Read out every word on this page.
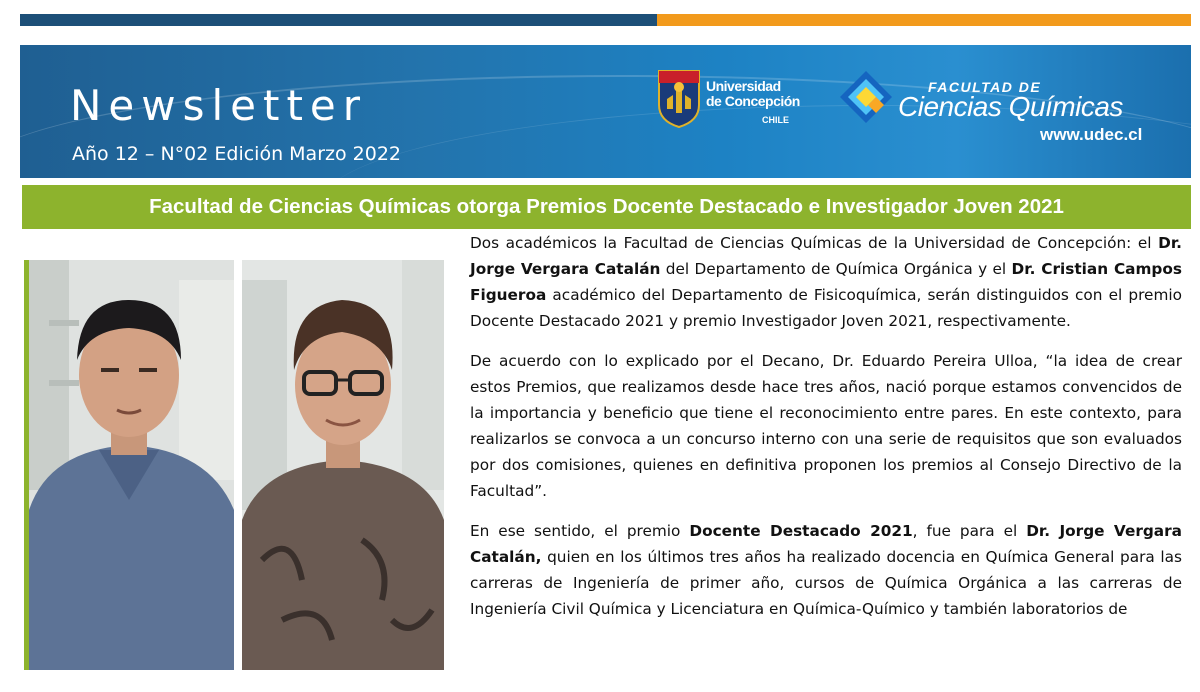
Newsletter
Año 12 – N°02 Edición Marzo 2022
Universidad
de Concepción
CHILE
FACULTAD DE
Ciencias Químicas
www.udec.cl
Facultad de Ciencias Químicas otorga Premios Docente Destacado e Investigador Joven 2021

Dos académicos la Facultad de Ciencias Químicas de la Universidad de Concepción: el Dr. Jorge Vergara Catalán del Departamento de Química Orgánica y el Dr. Cristian Campos Figueroa académico del Departamento de Fisicoquímica, serán distinguidos con el premio Docente Destacado 2021 y premio Investigador Joven 2021, respectivamente.

De acuerdo con lo explicado por el Decano, Dr. Eduardo Pereira Ulloa, “la idea de crear estos Premios, que realizamos desde hace tres años, nació porque estamos convencidos de la importancia y beneficio que tiene el reconocimiento entre pares. En este contexto, para realizarlos se convoca a un concurso interno con una serie de requisitos que son evaluados por dos comisiones, quienes en definitiva proponen los premios al Consejo Directivo de la Facultad”.

En ese sentido, el premio Docente Destacado 2021, fue para el Dr. Jorge Vergara Catalán, quien en los últimos tres años ha realizado docencia en Química General para las carreras de Ingeniería de primer año, cursos de Química Orgánica a las carreras de Ingeniería Civil Química y Licenciatura en Química-Químico y también laboratorios de
